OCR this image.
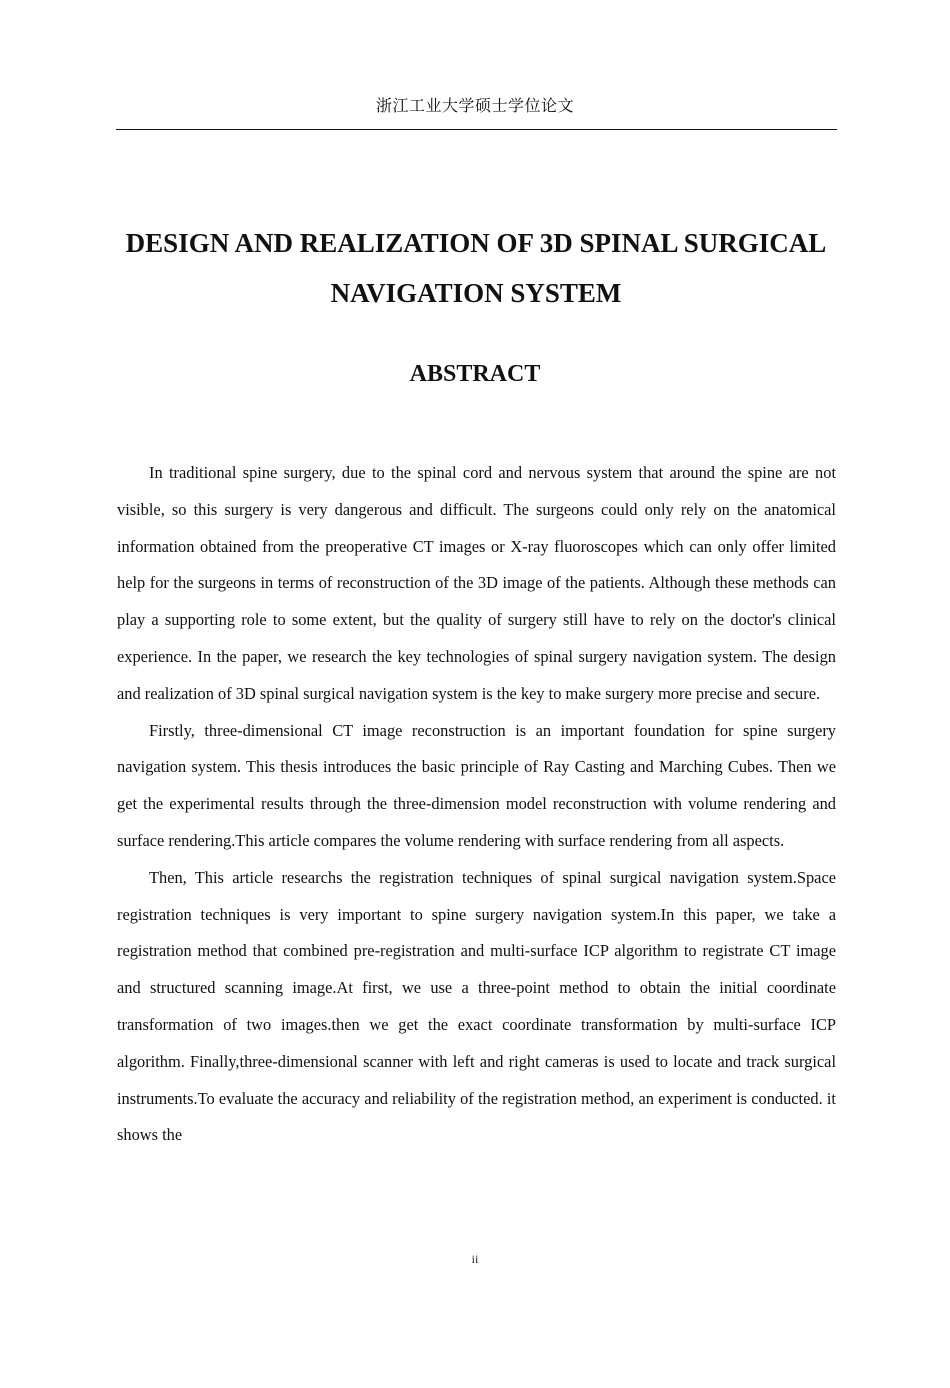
浙江工业大学硕士学位论文
DESIGN AND REALIZATION OF 3D SPINAL SURGICAL NAVIGATION SYSTEM
ABSTRACT

In traditional spine surgery, due to the spinal cord and nervous system that around the spine are not visible, so this surgery is very dangerous and difficult. The surgeons could only rely on the anatomical information obtained from the preoperative CT images or X-ray fluoroscopes which can only offer limited help for the surgeons in terms of reconstruction of the 3D image of the patients. Although these methods can play a supporting role to some extent, but the quality of surgery still have to rely on the doctor's clinical experience. In the paper, we research the key technologies of spinal surgery navigation system. The design and realization of 3D spinal surgical navigation system is the key to make surgery more precise and secure.

Firstly, three-dimensional CT image reconstruction is an important foundation for spine surgery navigation system. This thesis introduces the basic principle of Ray Casting and Marching Cubes. Then we get the experimental results through the three-dimension model reconstruction with volume rendering and surface rendering.This article compares the volume rendering with surface rendering from all aspects.

Then, This article researchs the registration techniques of spinal surgical navigation system.Space registration techniques is very important to spine surgery navigation system.In this paper, we take a registration method that combined pre-registration and multi-surface ICP algorithm to registrate CT image and structured scanning image.At first, we use a three-point method to obtain the initial coordinate transformation of two images.then we get the exact coordinate transformation by multi-surface ICP algorithm. Finally,three-dimensional scanner with left and right cameras is used to locate and track surgical instruments.To evaluate the accuracy and reliability of the registration method, an experiment is conducted. it shows the

ii
